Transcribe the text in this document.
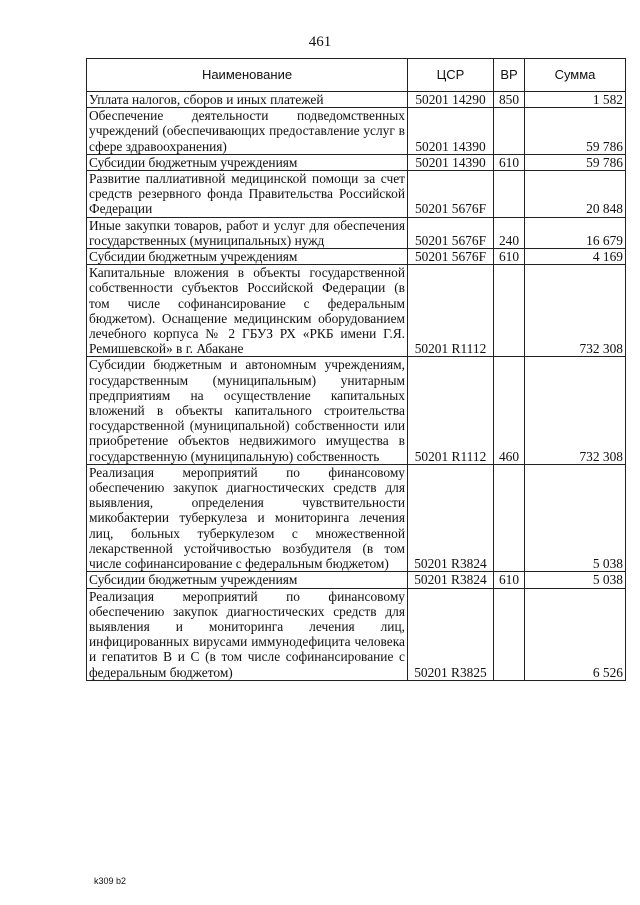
461
Наименование	ЦСР	ВР	Сумма
Уплата налогов, сборов и иных платежей	50201 14290	850	1 582
Обеспечение деятельности подведомственных учреждений (обеспечивающих предоставление услуг в сфере здравоохранения)	50201 14390		59 786
Субсидии бюджетным учреждениям	50201 14390	610	59 786
Развитие паллиативной медицинской помощи за счет средств резервного фонда Правительства Российской Федерации	50201 5676F		20 848
Иные закупки товаров, работ и услуг для обеспечения государственных (муниципальных) нужд	50201 5676F	240	16 679
Субсидии бюджетным учреждениям	50201 5676F	610	4 169
Капитальные вложения в объекты государственной собственности субъектов Российской Федерации (в том числе софинансирование с федеральным бюджетом). Оснащение медицинским оборудованием лечебного корпуса № 2 ГБУЗ РХ «РКБ имени Г.Я. Ремишевской» в г. Абакане	50201 R1112		732 308
Субсидии бюджетным и автономным учреждениям, государственным (муниципальным) унитарным предприятиям на осуществление капитальных вложений в объекты капитального строительства государственной (муниципальной) собственности или приобретение объектов недвижимого имущества в государственную (муниципальную) собственность	50201 R1112	460	732 308
Реализация мероприятий по финансовому обеспечению закупок диагностических средств для выявления, определения чувствительности микобактерии туберкулеза и мониторинга лечения лиц, больных туберкулезом с множественной лекарственной устойчивостью возбудителя (в том числе софинансирование с федеральным бюджетом)	50201 R3824		5 038
Субсидии бюджетным учреждениям	50201 R3824	610	5 038
Реализация мероприятий по финансовому обеспечению закупок диагностических средств для выявления и мониторинга лечения лиц, инфицированных вирусами иммунодефицита человека и гепатитов В и С (в том числе софинансирование с федеральным бюджетом)	50201 R3825		6 526
k309 b2
